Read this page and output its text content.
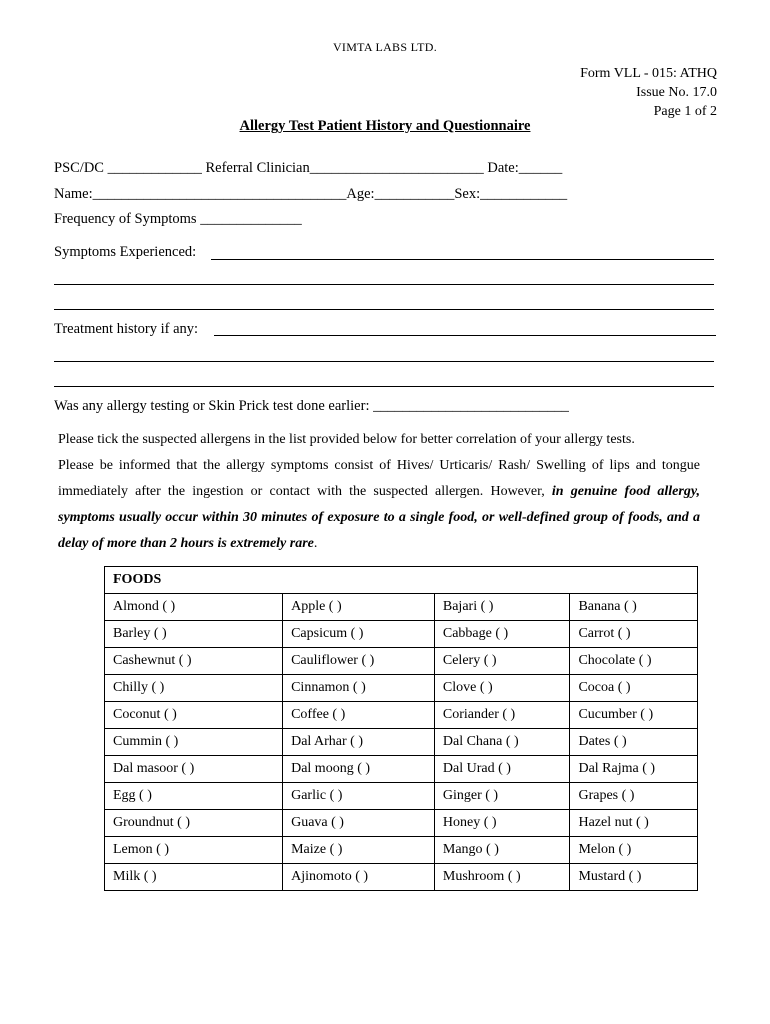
VIMTA LABS LTD.
Form VLL - 015: ATHQ
Issue No. 17.0
Page 1 of 2
Allergy Test Patient History and Questionnaire
PSC/DC _____________ Referral Clinician________________________ Date:______
Name:___________________________________Age:___________Sex:____________
Frequency of Symptoms ______________
Symptoms Experienced:
Treatment history if any:
Was any allergy testing or Skin Prick test done earlier: ___________________________
Please tick the suspected allergens in the list provided below for better correlation of your allergy tests.
Please be informed that the allergy symptoms consist of Hives/ Urticaris/ Rash/ Swelling of lips and tongue immediately after the ingestion or contact with the suspected allergen. However, in genuine food allergy, symptoms usually occur within 30 minutes of exposure to a single food, or well-defined group of foods, and a delay of more than 2 hours is extremely rare.
FOODS			
Almond ( )	Apple ( )	Bajari ( )	Banana ( )
Barley ( )	Capsicum ( )	Cabbage ( )	Carrot ( )
Cashewnut ( )	Cauliflower ( )	Celery ( )	Chocolate ( )
Chilly ( )	Cinnamon ( )	Clove ( )	Cocoa ( )
Coconut ( )	Coffee ( )	Coriander ( )	Cucumber ( )
Cummin ( )	Dal Arhar ( )	Dal Chana ( )	Dates ( )
Dal masoor ( )	Dal moong ( )	Dal Urad ( )	Dal Rajma ( )
Egg ( )	Garlic ( )	Ginger ( )	Grapes ( )
Groundnut ( )	Guava ( )	Honey ( )	Hazel nut ( )
Lemon ( )	Maize ( )	Mango ( )	Melon ( )
Milk ( )	Ajinomoto ( )	Mushroom ( )	Mustard ( )
